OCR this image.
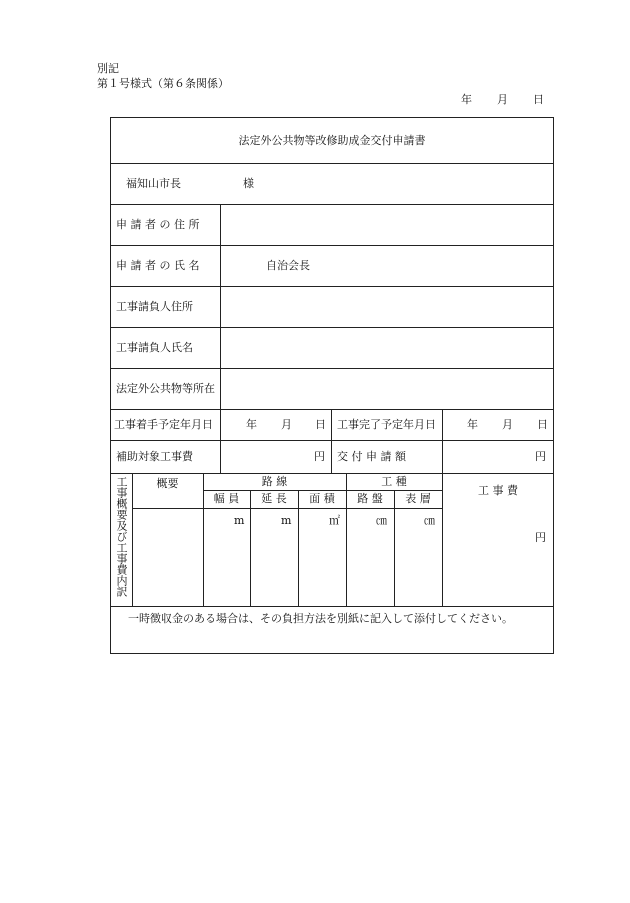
別記
第１号様式（第６条関係）
年 月 日
法定外公共物等改修助成金交付申請書
福知山市長	様
申 請 者 の 住 所
申 請 者 の 氏 名	自治会長
工事請負人住所
工事請負人氏名
法定外公共物等所在
工事着手予定年月日	年 月 日 工事完了予定年月日	年 月 日
補助対象工事費	円 交 付 申 請 額	円
工事概要及び工事費内訳	概要	路 線	工 種
工 事 費
幅 員	延 長	面 積	路 盤	表 層
m	m	㎡	㎝	㎝
円
一時徴収金のある場合は、その負担方法を別紙に記入して添付してください。
